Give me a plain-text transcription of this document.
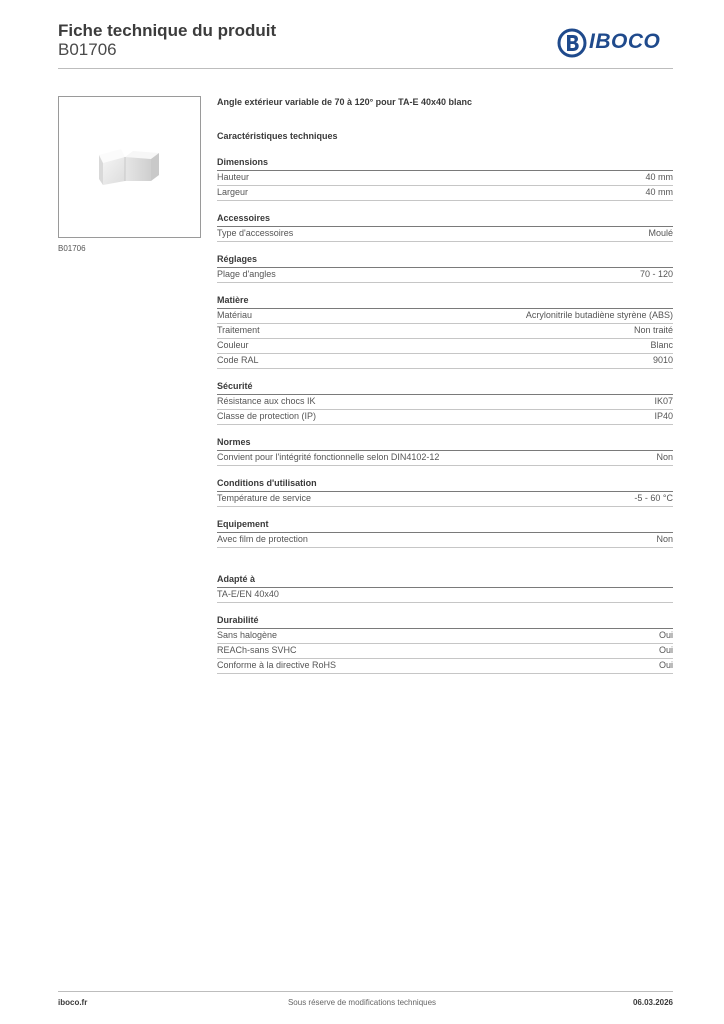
Fiche technique du produit
B01706	IBOCO
B01706
Angle extérieur variable de 70 à 120° pour TA-E 40x40 blanc
Caractéristiques techniques
Dimensions
Hauteur	40 mm
Largeur	40 mm
Accessoires
Type d'accessoires	Moulé
Réglages
Plage d'angles	70 - 120
Matière
Matériau	Acrylonitrile butadiène styrène (ABS)
Traitement	Non traité
Couleur	Blanc
Code RAL	9010
Sécurité
Résistance aux chocs IK	IK07
Classe de protection (IP)	IP40
Normes
Convient pour l'intégrité fonctionnelle selon DIN4102-12	Non
Conditions d'utilisation
Température de service	-5 - 60 °C
Equipement
Avec film de protection	Non
Adapté à
TA-E/EN 40x40
Durabilité
Sans halogène	Oui
REACh-sans SVHC	Oui
Conforme à la directive RoHS	Oui
iboco.fr	Sous réserve de modifications techniques	06.03.2026
